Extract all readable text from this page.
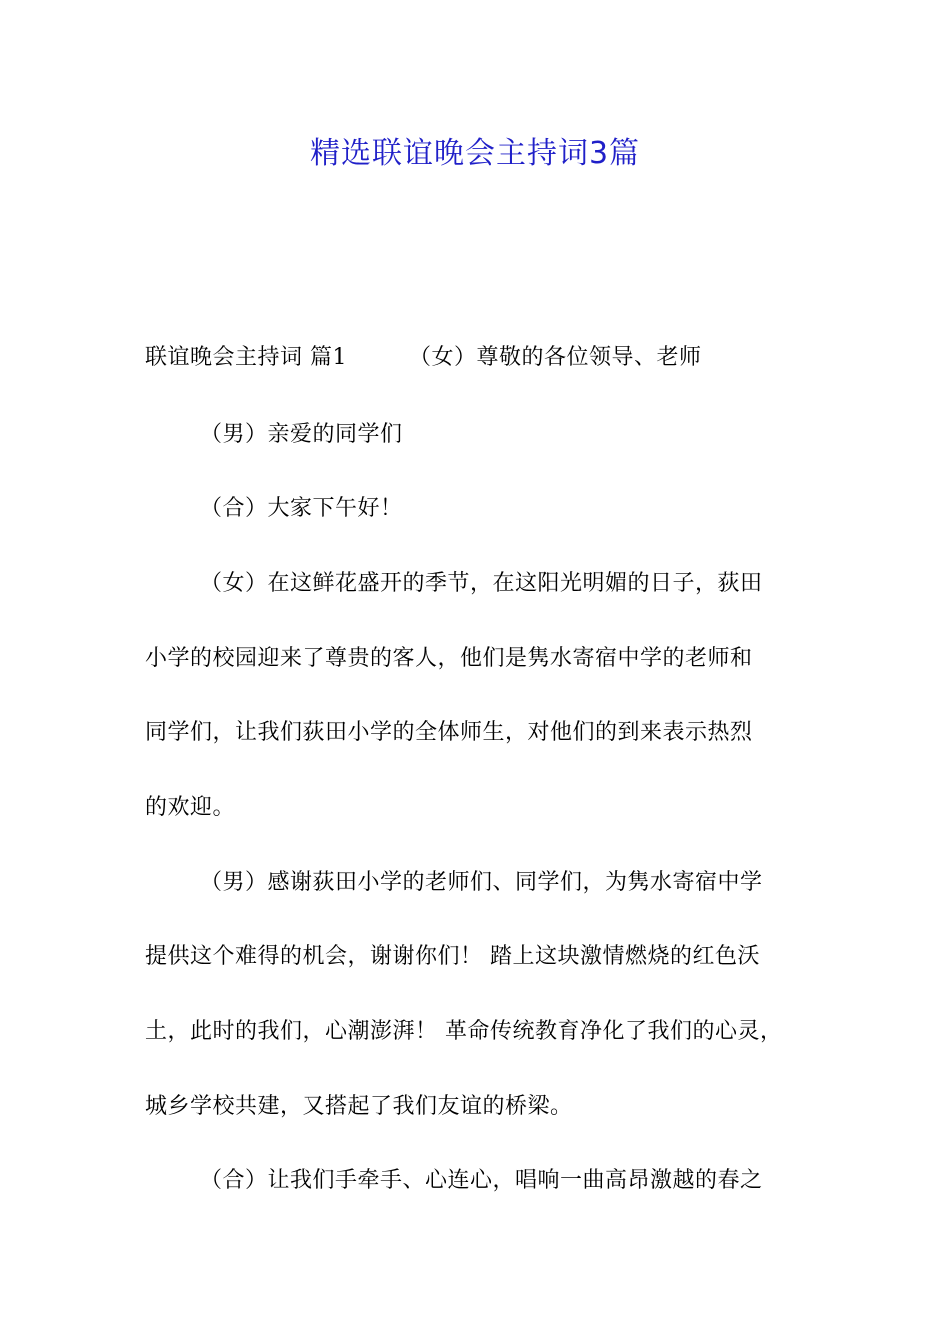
精选联谊晚会主持词3篇
联谊晚会主持词 篇1	（女）尊敬的各位领导、老师
（男）亲爱的同学们
（合）大家下午好！
（女）在这鲜花盛开的季节，在这阳光明媚的日子，荻田
小学的校园迎来了尊贵的客人，他们是隽水寄宿中学的老师和
同学们，让我们荻田小学的全体师生，对他们的到来表示热烈
的欢迎。
（男）感谢荻田小学的老师们、同学们，为隽水寄宿中学
提供这个难得的机会，谢谢你们！ 踏上这块激情燃烧的红色沃
土，此时的我们，心潮澎湃！ 革命传统教育净化了我们的心灵，
城乡学校共建，又搭起了我们友谊的桥梁。
（合）让我们手牵手、心连心，唱响一曲高昂激越的春之
